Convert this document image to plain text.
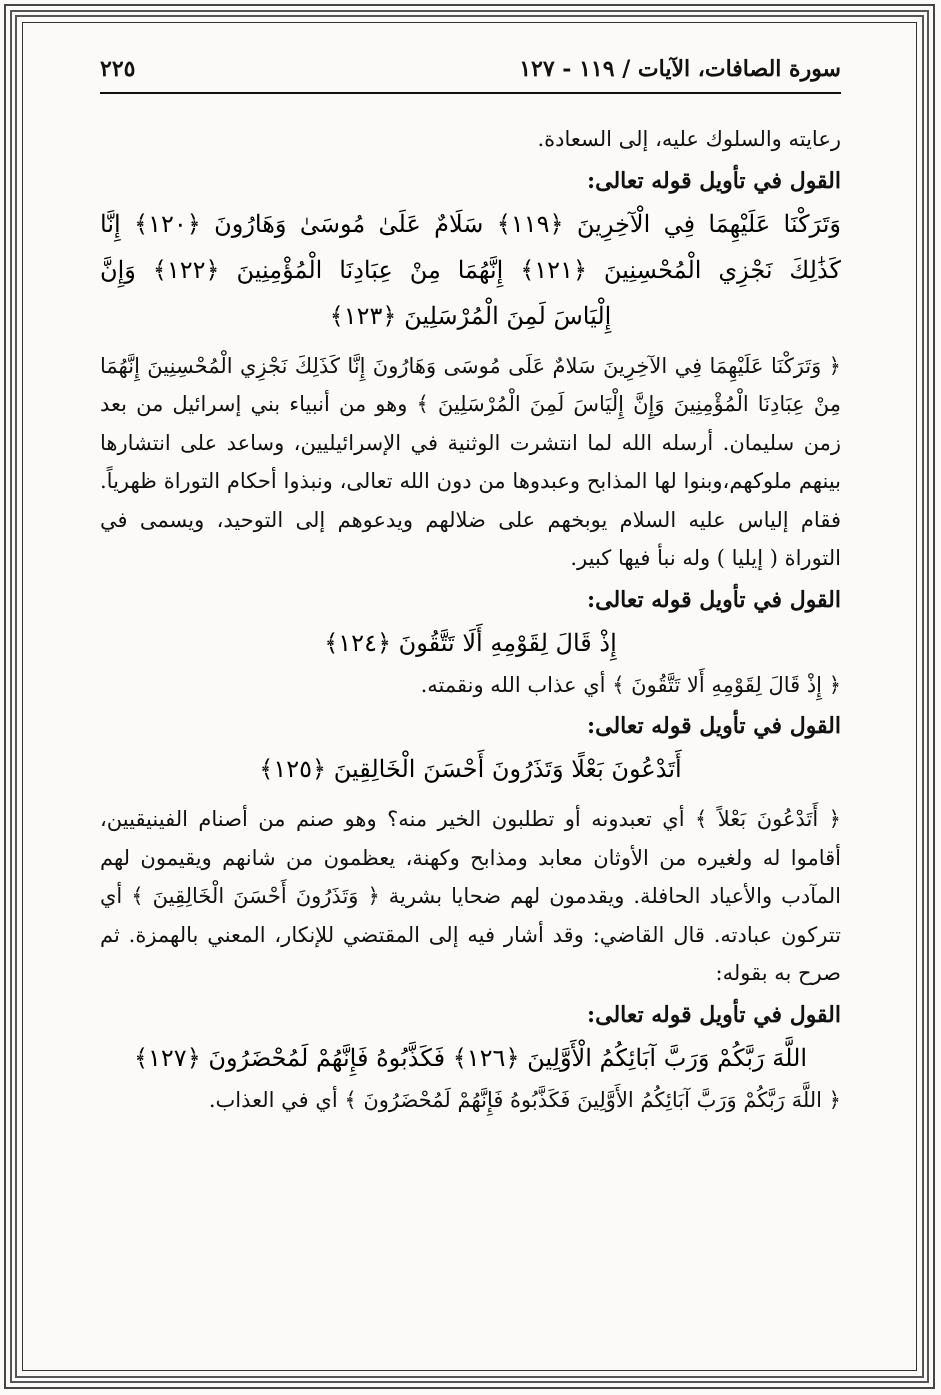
سورة الصافات، الآيات / ١١٩ - ١٢٧
٢٢٥

رعايته والسلوك عليه، إلى السعادة.

القول في تأويل قوله تعالى:

وَتَرَكْنَا عَلَيْهِمَا فِي الْآخِرِينَ ﴿١١٩﴾ سَلَامٌ عَلَىٰ مُوسَىٰ وَهَارُونَ ﴿١٢٠﴾ إِنَّا

كَذَٰلِكَ نَجْزِي الْمُحْسِنِينَ ﴿١٢١﴾ إِنَّهُمَا مِنْ عِبَادِنَا الْمُؤْمِنِينَ ﴿١٢٢﴾ وَإِنَّ

إِلْيَاسَ لَمِنَ الْمُرْسَلِينَ ﴿١٢٣﴾

﴿ وَتَرَكْنَا عَلَيْهِمَا فِي الآخِرِينَ سَلامٌ عَلَى مُوسَى وَهَارُونَ إِنَّا كَذَلِكَ نَجْزِي الْمُحْسِنِينَ إِنَّهُمَا مِنْ عِبَادِنَا الْمُؤْمِنِينَ وَإِنَّ إِلْيَاسَ لَمِنَ الْمُرْسَلِينَ ﴾ وهو من أنبياء بني إسرائيل من بعد زمن سليمان. أرسله الله لما انتشرت الوثنية في الإسرائيليين، وساعد على انتشارها بينهم ملوكهم،وبنوا لها المذابح وعبدوها من دون الله تعالى، ونبذوا أحكام التوراة ظهرياً. فقام إلياس عليه السلام يوبخهم على ضلالهم ويدعوهم إلى التوحيد، ويسمى في التوراة ( إيليا ) وله نبأ فيها كبير.

القول في تأويل قوله تعالى:

إِذْ قَالَ لِقَوْمِهِ أَلَا تَتَّقُونَ ﴿١٢٤﴾

﴿ إِذْ قَالَ لِقَوْمِهِ أَلا تَتَّقُونَ ﴾ أي عذاب الله ونقمته.

القول في تأويل قوله تعالى:

أَتَدْعُونَ بَعْلًا وَتَذَرُونَ أَحْسَنَ الْخَالِقِينَ ﴿١٢٥﴾

﴿ أَتَدْعُونَ بَعْلاً ﴾ أي تعبدونه أو تطلبون الخير منه؟ وهو صنم من أصنام الفينيقيين، أقاموا له ولغيره من الأوثان معابد ومذابح وكهنة، يعظمون من شانهم ويقيمون لهم المآدب والأعياد الحافلة. ويقدمون لهم ضحايا بشرية ﴿ وَتَذَرُونَ أَحْسَنَ الْخَالِقِينَ ﴾ أي تتركون عبادته. قال القاضي: وقد أشار فيه إلى المقتضي للإنكار، المعني بالهمزة. ثم صرح به بقوله:

القول في تأويل قوله تعالى:

اللَّهَ رَبَّكُمْ وَرَبَّ آبَائِكُمُ الْأَوَّلِينَ ﴿١٢٦﴾ فَكَذَّبُوهُ فَإِنَّهُمْ لَمُحْضَرُونَ ﴿١٢٧﴾

﴿ اللَّهَ رَبَّكُمْ وَرَبَّ آبَائِكُمُ الأَوَّلِينَ فَكَذَّبُوهُ فَإِنَّهُمْ لَمُحْضَرُونَ ﴾ أي في العذاب.
